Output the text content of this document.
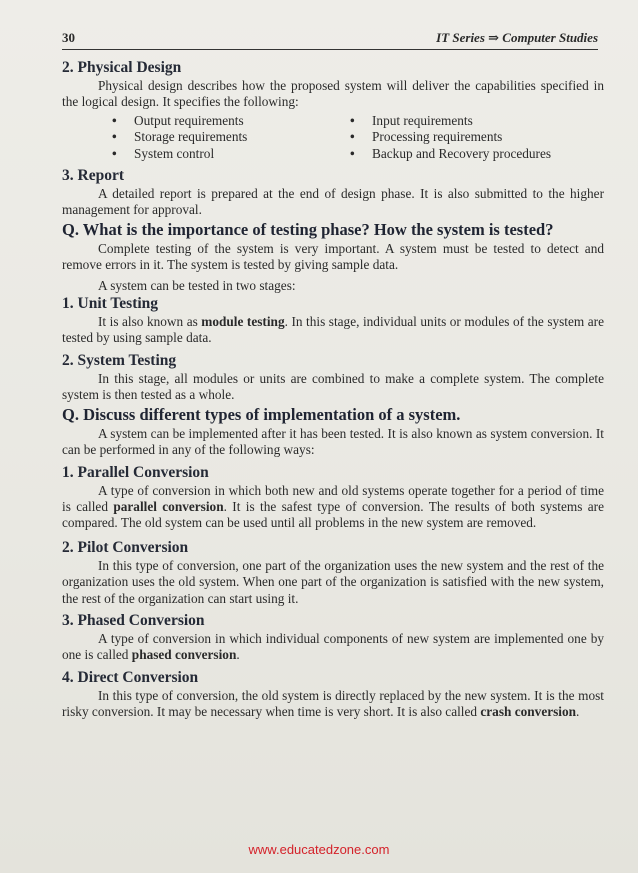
30	IT Series ⇒ Computer Studies
2. Physical Design

Physical design describes how the proposed system will deliver the capabilities specified in the logical design. It specifies the following:

• Output requirements	• Input requirements
• Storage requirements	• Processing requirements
• System control	• Backup and Recovery procedures
3. Report

A detailed report is prepared at the end of design phase. It is also submitted to the higher management for approval.

Q. What is the importance of testing phase? How the system is tested?

Complete testing of the system is very important. A system must be tested to detect and remove errors in it. The system is tested by giving sample data.

A system can be tested in two stages:

1. Unit Testing

It is also known as module testing. In this stage, individual units or modules of the system are tested by using sample data.

2. System Testing

In this stage, all modules or units are combined to make a complete system. The complete system is then tested as a whole.

Q. Discuss different types of implementation of a system.

A system can be implemented after it has been tested. It is also known as system conversion. It can be performed in any of the following ways:

1. Parallel Conversion

A type of conversion in which both new and old systems operate together for a period of time is called parallel conversion. It is the safest type of conversion. The results of both systems are compared. The old system can be used until all problems in the new system are removed.

2. Pilot Conversion

In this type of conversion, one part of the organization uses the new system and the rest of the organization uses the old system. When one part of the organization is satisfied with the new system, the rest of the organization can start using it.

3. Phased Conversion

A type of conversion in which individual components of new system are implemented one by one is called phased conversion.

4. Direct Conversion

In this type of conversion, the old system is directly replaced by the new system. It is the most risky conversion. It may be necessary when time is very short. It is also called crash conversion.

www.educatedzone.com
